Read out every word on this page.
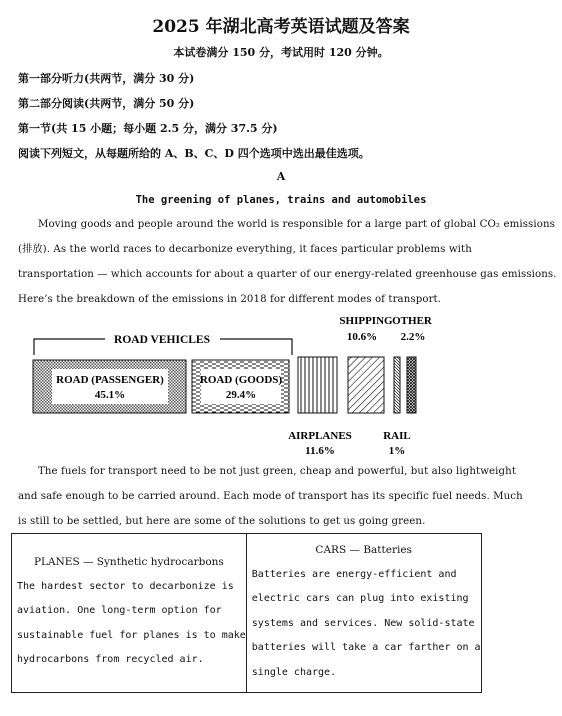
2025 年湖北高考英语试题及答案
本试卷满分 150 分，考试用时 120 分钟。
第一部分听力(共两节，满分 30 分)
第二部分阅读(共两节，满分 50 分)
第一节(共 15 小题；每小题 2.5 分，满分 37.5 分)
阅读下列短文，从每题所给的 A、B、C、D 四个选项中选出最佳选项。
A
The greening of planes, trains and automobiles
Moving goods and people around the world is responsible for a large part of global CO₂ emissions
(排放). As the world races to decarbonize everything, it faces particular problems with
transportation — which accounts for about a quarter of our energy-related greenhouse gas emissions.
Here’s the breakdown of the emissions in 2018 for different modes of transport.
ROAD VEHICLES
ROAD (PASSENGER)
45.1%
ROAD (GOODS)
29.4%
SHIPPING
10.6%
OTHER
2.2%
AIRPLANES
11.6%
RAIL
1%
The fuels for transport need to be not just green, cheap and powerful, but also lightweight
and safe enough to be carried around. Each mode of transport has its specific fuel needs. Much
is still to be settled, but here are some of the solutions to get us going green.
PLANES — Synthetic hydrocarbons
The hardest sector to decarbonize is
aviation. One long-term option for
sustainable fuel for planes is to make
hydrocarbons from recycled air.

CARS — Batteries
Batteries are energy-efficient and
electric cars can plug into existing
systems and services. New solid-state
batteries will take a car farther on a
single charge.
